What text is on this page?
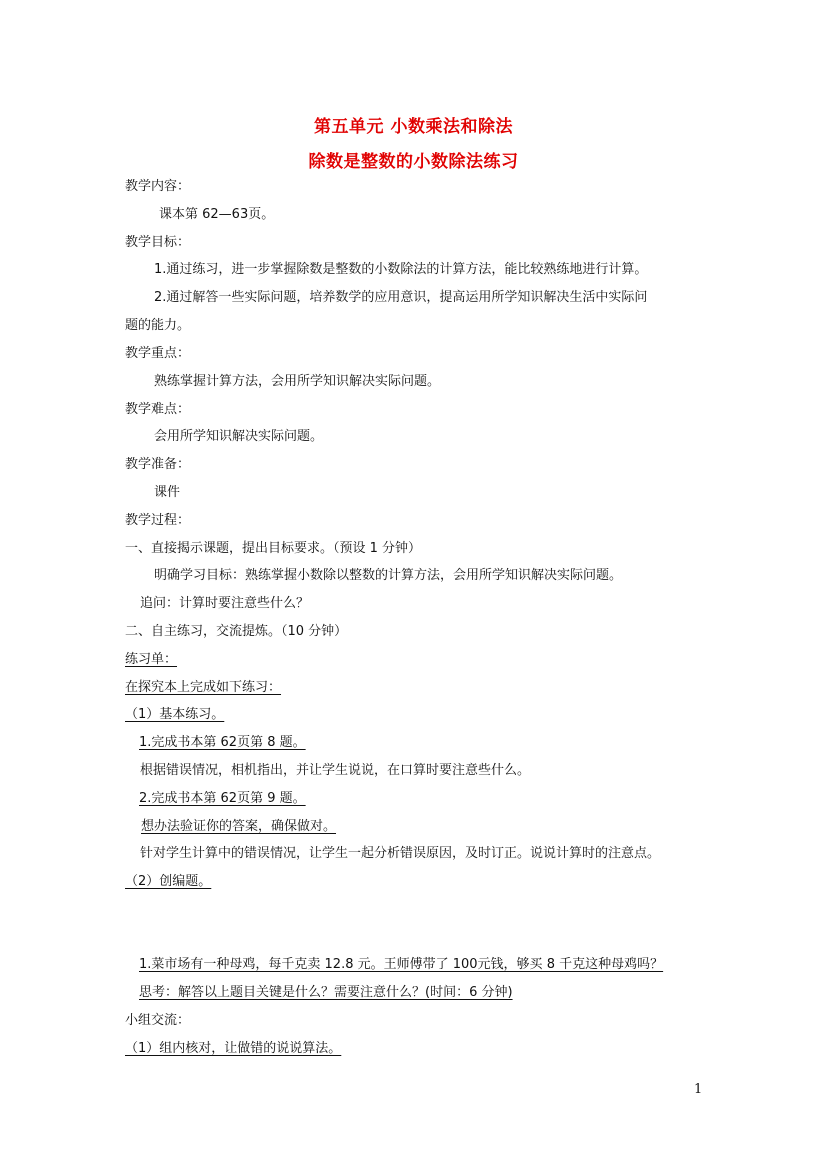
第五单元 小数乘法和除法
除数是整数的小数除法练习
教学内容：
课本第 62—63页。
教学目标：
1.通过练习，进一步掌握除数是整数的小数除法的计算方法，能比较熟练地进行计算。
2.通过解答一些实际问题，培养数学的应用意识，提高运用所学知识解决生活中实际问
题的能力。
教学重点：
熟练掌握计算方法，会用所学知识解决实际问题。
教学难点：
会用所学知识解决实际问题。
教学准备：
课件
教学过程：
一、直接揭示课题，提出目标要求。（预设 1 分钟）
明确学习目标：熟练掌握小数除以整数的计算方法，会用所学知识解决实际问题。
追问：计算时要注意些什么？
二、自主练习，交流提炼。（10 分钟）
练习单：
在探究本上完成如下练习：
（1）基本练习。
1.完成书本第 62页第 8 题。
根据错误情况，相机指出，并让学生说说，在口算时要注意些什么。
2.完成书本第 62页第 9 题。
想办法验证你的答案，确保做对。
针对学生计算中的错误情况，让学生一起分析错误原因，及时订正。说说计算时的注意点。
（2）创编题。
1.菜市场有一种母鸡，每千克卖 12.8 元。王师傅带了 100元钱，够买 8 千克这种母鸡吗？
思考：解答以上题目关键是什么？需要注意什么？(时间：6 分钟)
小组交流：
（1）组内核对，让做错的说说算法。
1
